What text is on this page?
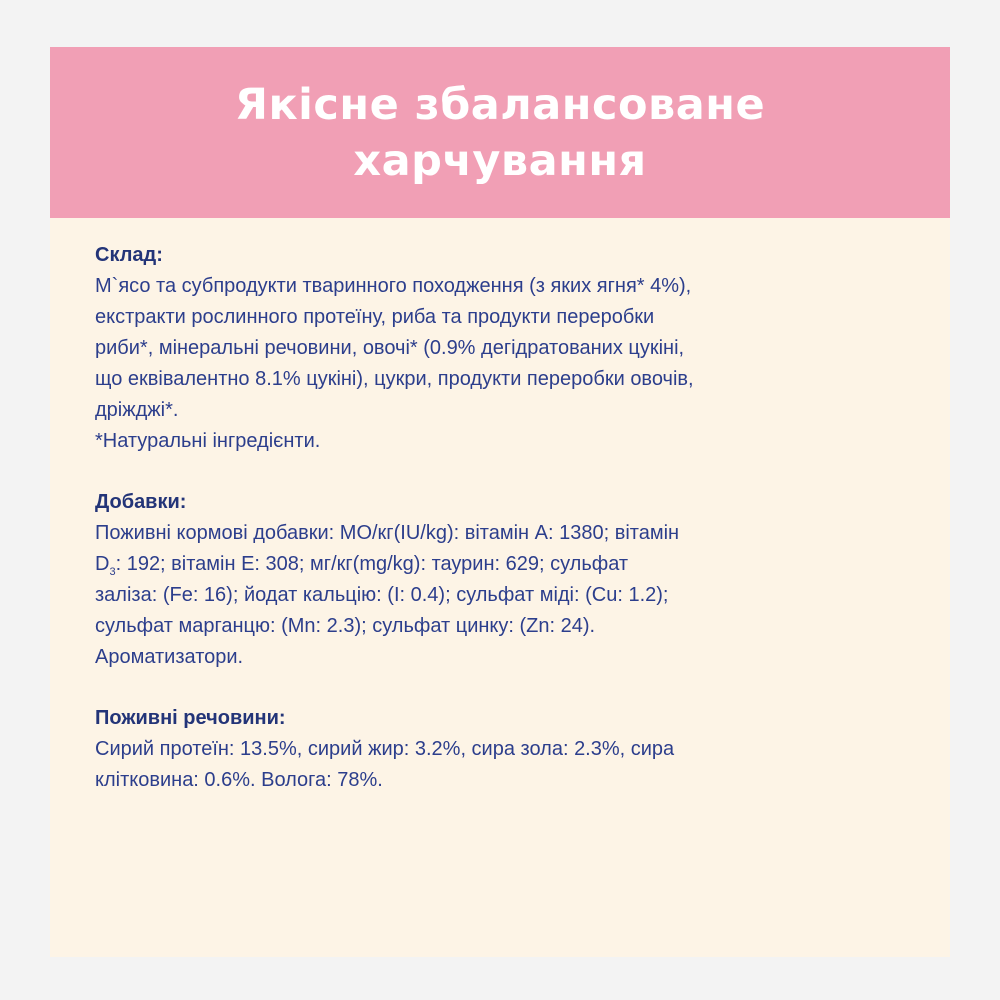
Якісне збалансоване
харчування
Склад:
М`ясо та субпродукти тваринного походження (з яких ягня* 4%),
екстракти рослинного протеїну, риба та продукти переробки
риби*, мінеральні речовини, овочі* (0.9% дегідратованих цукіні,
що еквівалентно 8.1% цукіні), цукри, продукти переробки овочів,
дріжджі*.
*Натуральні інгредієнти.
Добавки:
Поживні кормові добавки: МО/кг(IU/kg): вітамін А: 1380; вітамін
$D_3$: 192; вітамін Е: 308; мг/кг(mg/kg): таурин: 629; сульфат
заліза: (Fe: 16); йодат кальцію: (I: 0.4); сульфат міді: (Cu: 1.2);
сульфат марганцю: (Mn: 2.3); сульфат цинку: (Zn: 24).
Ароматизатори.
Поживні речовини:
Сирий протеїн: 13.5%, сирий жир: 3.2%, сира зола: 2.3%, сира
клітковина: 0.6%. Волога: 78%.
